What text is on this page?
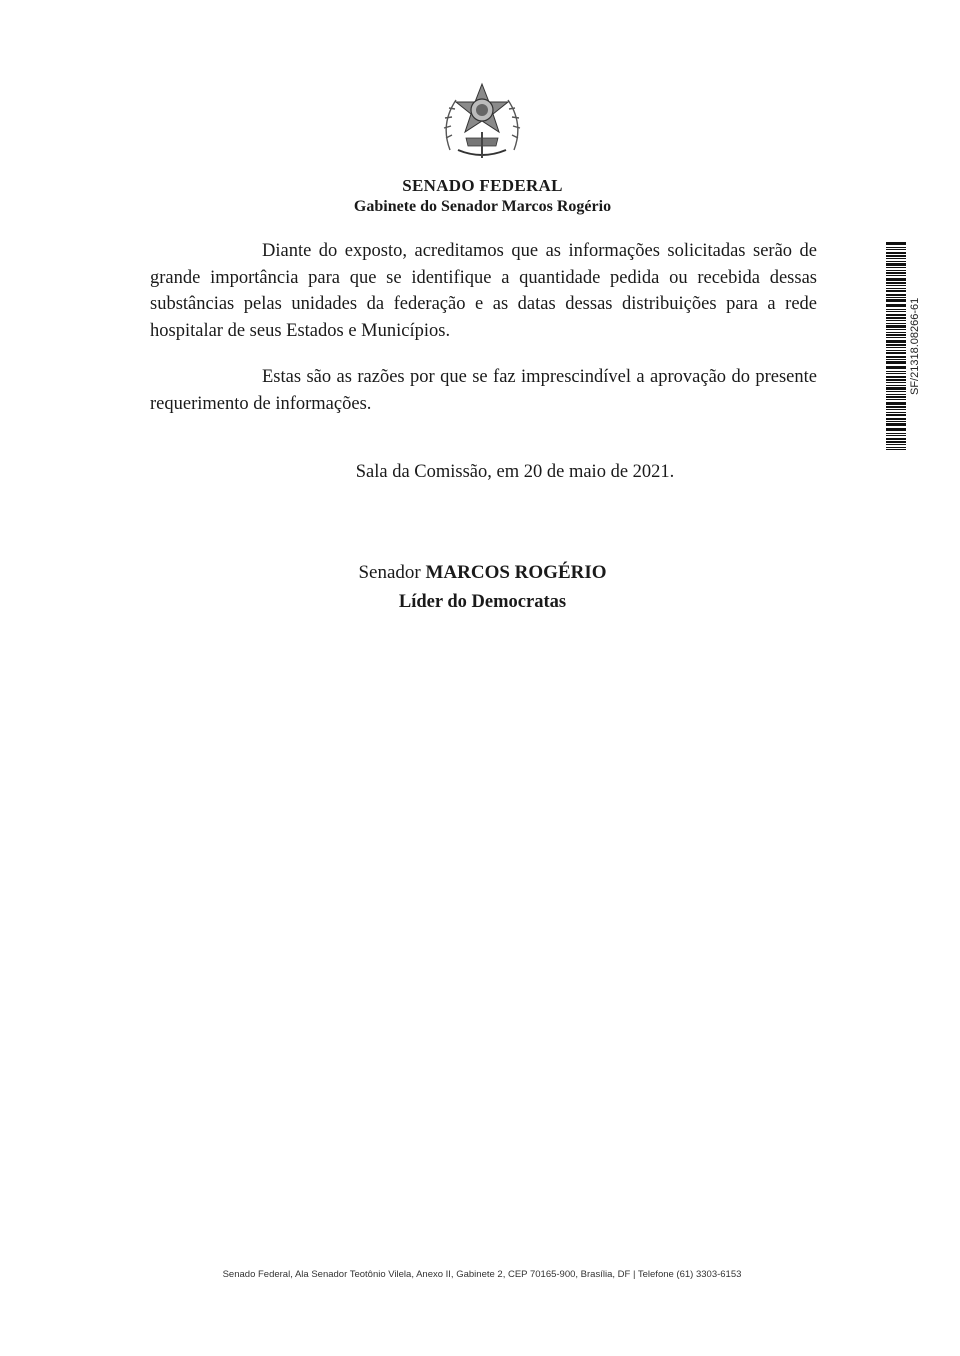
SENADO FEDERAL
Gabinete do Senador Marcos Rogério

Diante do exposto, acreditamos que as informações solicitadas serão de grande importância para que se identifique a quantidade pedida ou recebida dessas substâncias pelas unidades da federação e as datas dessas distribuições para a rede hospitalar de seus Estados e Municípios.

Estas são as razões por que se faz imprescindível a aprovação do presente requerimento de informações.

Sala da Comissão, em 20 de maio de 2021.
Senador MARCOS ROGÉRIO
Líder do Democratas
SF/21318.08266-61
Senado Federal, Ala Senador Teotônio Vilela, Anexo II, Gabinete 2, CEP 70165-900, Brasília, DF | Telefone (61) 3303-6153
